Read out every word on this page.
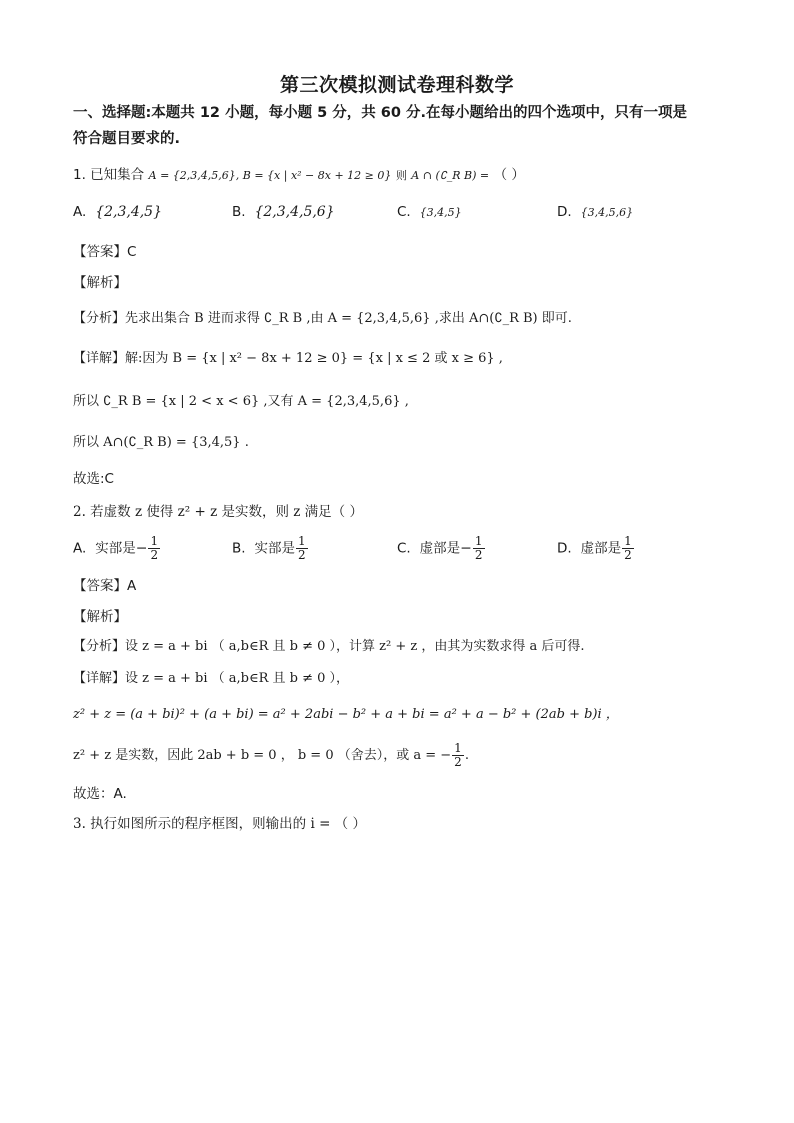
第三次模拟测试卷理科数学
一、选择题:本题共 12 小题，每小题 5 分，共 60 分.在每小题给出的四个选项中，只有一项是
符合题目要求的.
1. 已知集合 A = {2,3,4,5,6}, B = {x | x² − 8x + 12 ≥ 0} 则 A ∩ (∁_R B) = （ ）
A. {2,3,4,5}	B. {2,3,4,5,6}	C. {3,4,5}	D. {3,4,5,6}
【答案】C
【解析】
【分析】先求出集合 B 进而求得 ∁_R B ,由 A = {2,3,4,5,6} ,求出 A∩(∁_R B) 即可.
【详解】解:因为 B = {x | x² − 8x + 12 ≥ 0} = {x | x ≤ 2 或 x ≥ 6} ,
所以 ∁_R B = {x | 2 < x < 6} ,又有 A = {2,3,4,5,6} ,
所以 A∩(∁_R B) = {3,4,5} .
故选:C
2. 若虚数 z 使得 z² + z 是实数，则 z 满足（ ）
A. 实部是− $\frac{1}{2}$	B. 实部是 $\frac{1}{2}$	C. 虚部是− $\frac{1}{2}$	D. 虚部是 $\frac{1}{2}$
【答案】A
【解析】
【分析】设 z = a + bi （ a,b∈R 且 b ≠ 0 ），计算 z² + z ，由其为实数求得 a 后可得.
【详解】设 z = a + bi （ a,b∈R 且 b ≠ 0 ），
z² + z = (a + bi)² + (a + bi) = a² + 2abi − b² + a + bi = a² + a − b² + (2ab + b)i ，
z² + z 是实数，因此 2ab + b = 0 ， b = 0 （舍去），或 a = − $\frac{1}{2}$ .
故选：A.
3. 执行如图所示的程序框图，则输出的 i = （ ）
